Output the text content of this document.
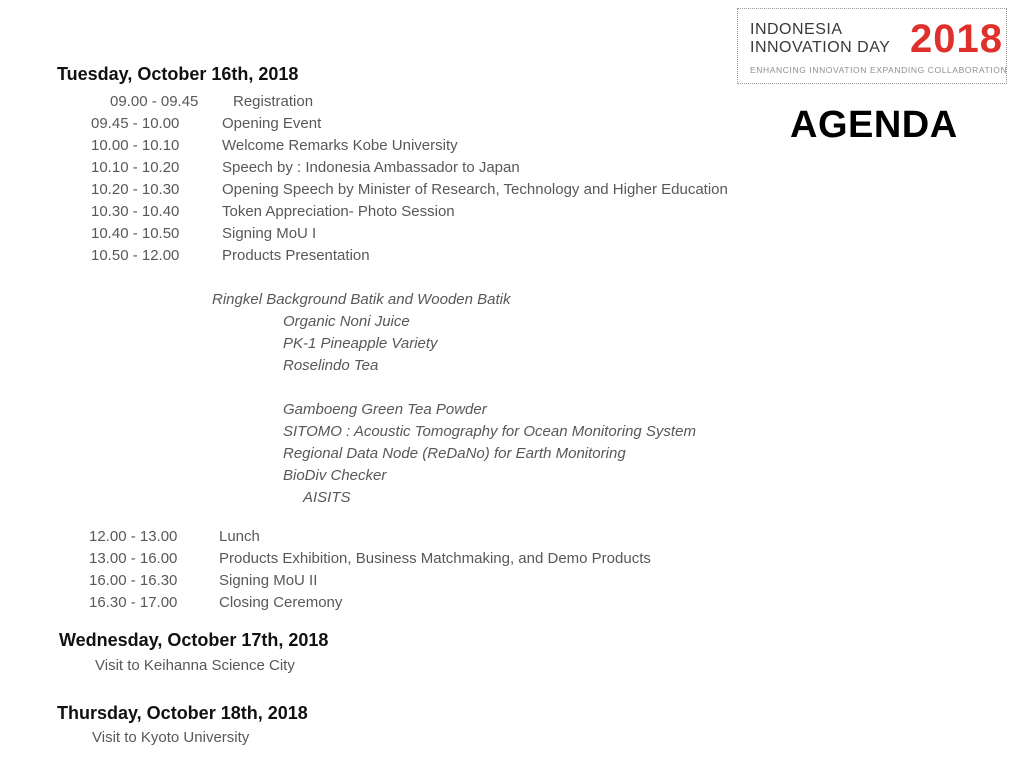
INDONESIA
INNOVATION DAY 2018
ENHANCING INNOVATION EXPANDING COLLABORATION
AGENDA
Tuesday, October 16th, 2018
09.00 - 09.45 Registration
09.45 - 10.00	Opening Event
10.00 - 10.10	Welcome Remarks Kobe University
10.10 - 10.20	Speech by : Indonesia Ambassador to Japan
10.20 - 10.30	Opening Speech by Minister of Research, Technology and Higher Education
10.30 - 10.40	Token Appreciation- Photo Session
10.40 - 10.50	Signing MoU I
10.50 - 12.00	Products Presentation
Ringkel Background Batik and Wooden Batik
Organic Noni Juice
PK-1 Pineapple Variety
Roselindo Tea
Gamboeng Green Tea Powder
SITOMO : Acoustic Tomography for Ocean Monitoring System
Regional Data Node (ReDaNo) for Earth Monitoring
BioDiv Checker
AISITS
12.00 - 13.00	Lunch
13.00 - 16.00	Products Exhibition, Business Matchmaking, and Demo Products
16.00 - 16.30	Signing MoU II
16.30 - 17.00	Closing Ceremony
Wednesday, October 17th, 2018
Visit to Keihanna Science City
Thursday, October 18th, 2018
Visit to Kyoto University
